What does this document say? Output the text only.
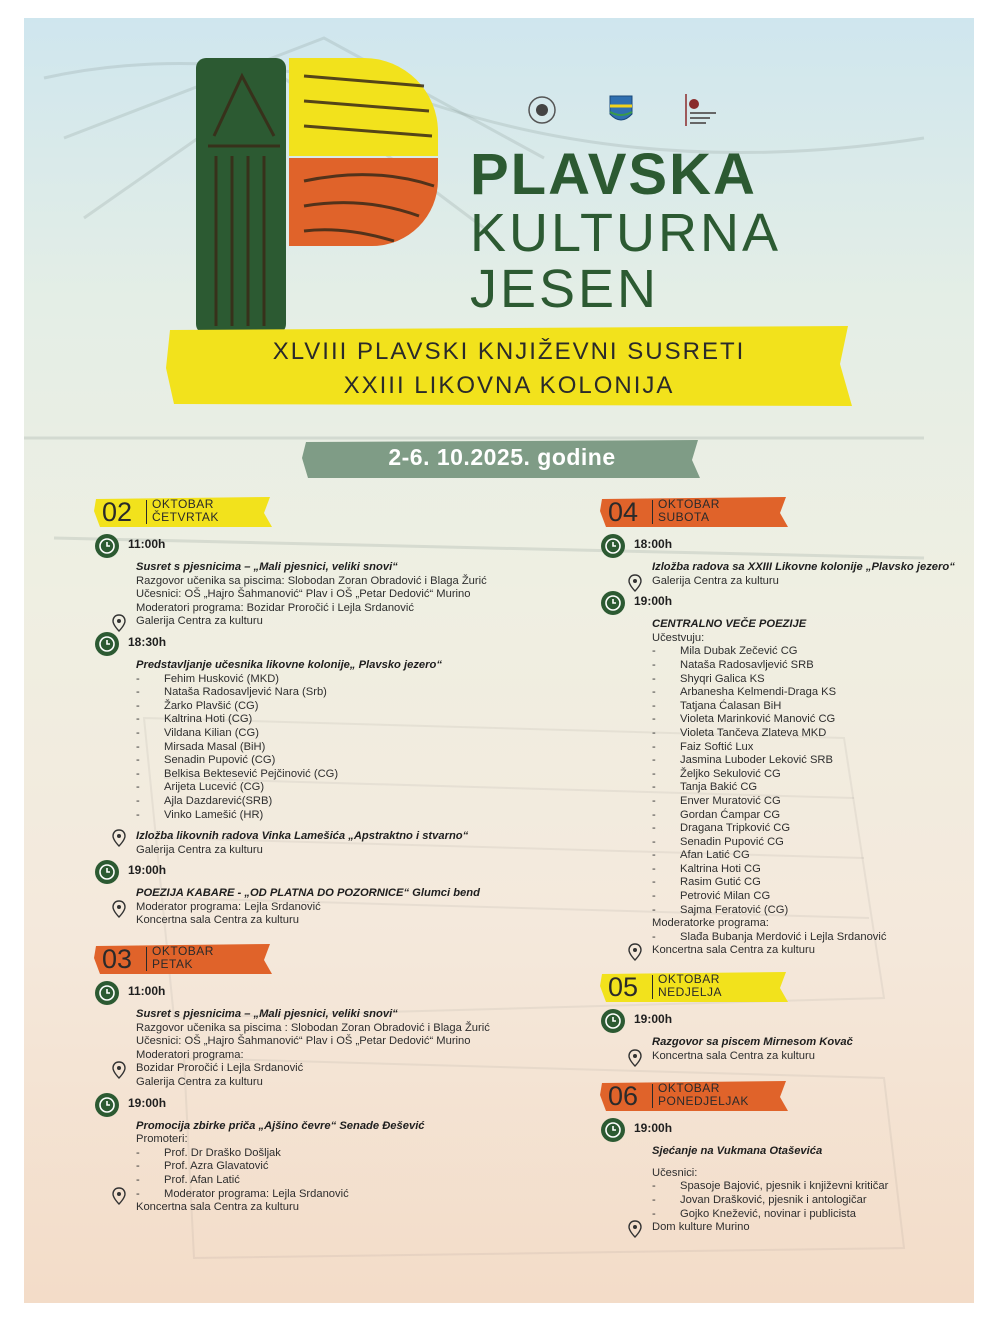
PLAVSKA
KULTURNA
JESEN
XLVIII PLAVSKI KNJIŽEVNI SUSRETI
XXIII LIKOVNA KOLONIJA
2-6. 10.2025. godine
02 OKTOBAR
ČETVRTAK
11:00h
Susret s pjesnicima – „Mali pjesnici, veliki snovi“
Razgovor učenika sa piscima: Slobodan Zoran Obradović i Blaga Žurić
Učesnici: OŠ „Hajro Šahmanović“ Plav i OŠ „Petar Dedović“ Murino
Moderatori programa: Bozidar Proročić i Lejla Srdanović
Galerija Centra za kulturu
18:30h
Predstavljanje učesnika likovne kolonije„ Plavsko jezero“
- Fehim Husković (MKD)
- Nataša Radosavljević Nara (Srb)
- Žarko Plavšić (CG)
- Kaltrina Hoti (CG)
- Vildana Kilian (CG)
- Mirsada Masal (BiH)
- Senadin Pupović (CG)
- Belkisa Bektesević Pejčinović (CG)
- Arijeta Lucević (CG)
- Ajla Dazdarević(SRB)
- Vinko Lamešić (HR)
Izložba likovnih radova Vinka Lamešića „Apstraktno i stvarno“
Galerija Centra za kulturu
19:00h
POEZIJA KABARE - „OD PLATNA DO POZORNICE“ Glumci bend
Moderator programa: Lejla Srdanović
Koncertna sala Centra za kulturu
03 OKTOBAR
PETAK
11:00h
Susret s pjesnicima – „Mali pjesnici, veliki snovi“
Razgovor učenika sa piscima : Slobodan Zoran Obradović i Blaga Žurić
Učesnici: OŠ „Hajro Šahmanović“ Plav i OŠ „Petar Dedović“ Murino
Moderatori programa:
Bozidar Proročić i Lejla Srdanović
Galerija Centra za kulturu
19:00h
Promocija zbirke priča „Ajšino čevre“ Senade Đešević
Promoteri:
- Prof. Dr Draško Došljak
- Prof. Azra Glavatović
- Prof. Afan Latić
- Moderator programa: Lejla Srdanović
Koncertna sala Centra za kulturu
04 OKTOBAR
SUBOTA
18:00h
Izložba radova sa XXIII Likovne kolonije „Plavsko jezero“
Galerija Centra za kulturu
19:00h
CENTRALNO VEČE POEZIJE
Učestvuju:
- Mila Dubak Zečević CG
- Nataša Radosavljević SRB
- Shyqri Galica KS
- Arbanesha Kelmendi-Draga KS
- Tatjana Ćalasan BiH
- Violeta Marinković Manović CG
- Violeta Tančeva Zlateva MKD
- Faiz Softić Lux
- Jasmina Luboder Leković SRB
- Željko Sekulović CG
- Tanja Bakić CG
- Enver Muratović CG
- Gordan Ćampar CG
- Dragana Tripković CG
- Senadin Pupović CG
- Afan Latić CG
- Kaltrina Hoti CG
- Rasim Gutić CG
- Petrović Milan CG
- Sajma Feratović (CG)
Moderatorke programa:
- Slađa Bubanja Merdović i Lejla Srdanović
Koncertna sala Centra za kulturu
05 OKTOBAR
NEDJELJA
19:00h
Razgovor sa piscem Mirnesom Kovač
Koncertna sala Centra za kulturu
06 OKTOBAR
PONEDJELJAK
19:00h
Sjećanje na Vukmana Otaševića
Učesnici:
- Spasoje Bajović, pjesnik i književni kritičar
- Jovan Drašković, pjesnik i antologičar
- Gojko Knežević, novinar i publicista
Dom kulture Murino
